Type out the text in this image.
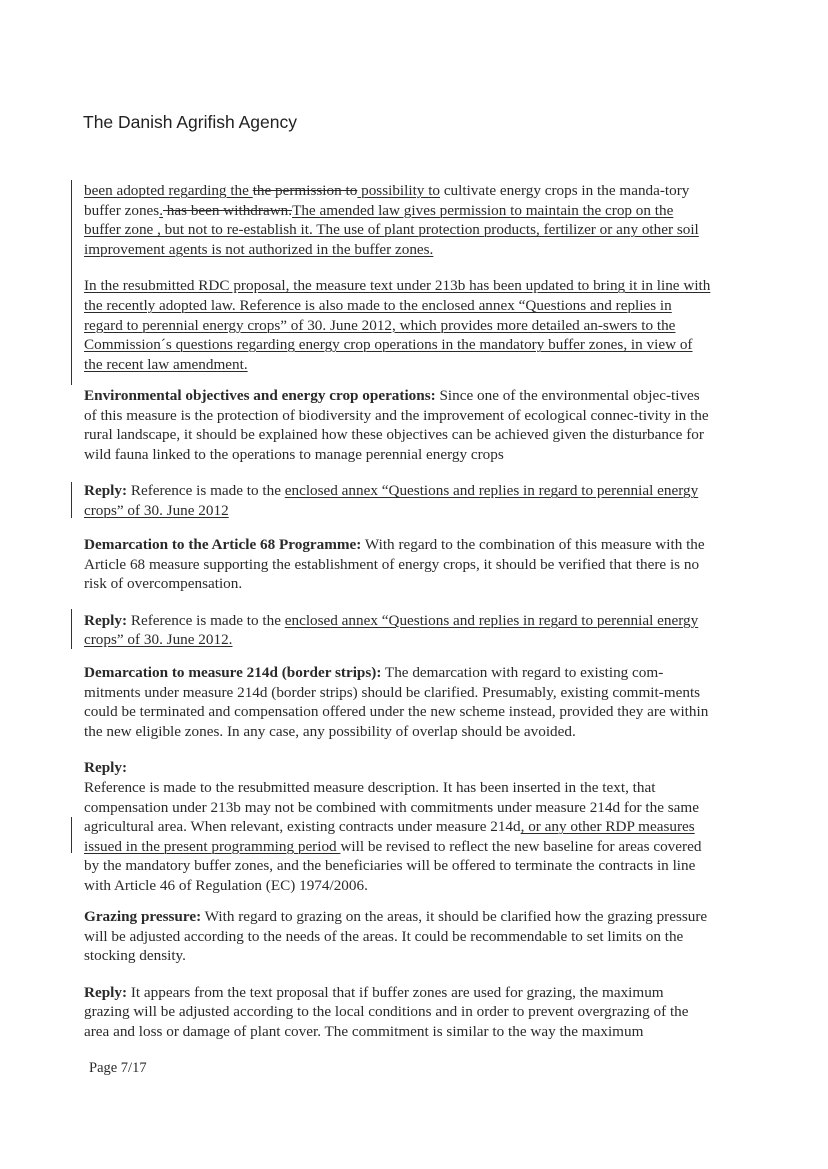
The Danish Agrifish Agency

been adopted regarding the the permission to possibility to cultivate energy crops in the manda-tory buffer zones. has been withdrawn.The amended law gives permission to maintain the crop on the buffer zone , but not to re-establish it. The use of plant protection products, fertilizer or any other soil improvement agents is not authorized in the buffer zones.

In the resubmitted RDC proposal, the measure text under 213b has been updated to bring it in line with the recently adopted law. Reference is also made to the enclosed annex “Questions and replies in regard to perennial energy crops” of 30. June 2012, which provides more detailed an-swers to the Commission´s questions regarding energy crop operations in the mandatory buffer zones, in view of the recent law amendment.

Environmental objectives and energy crop operations: Since one of the environmental objec-tives of this measure is the protection of biodiversity and the improvement of ecological connec-tivity in the rural landscape, it should be explained how these objectives can be achieved given the disturbance for wild fauna linked to the operations to manage perennial energy crops

Reply: Reference is made to the enclosed annex “Questions and replies in regard to perennial energy crops” of 30. June 2012

Demarcation to the Article 68 Programme: With regard to the combination of this measure with the Article 68 measure supporting the establishment of energy crops, it should be verified that there is no risk of overcompensation.

Reply: Reference is made to the enclosed annex “Questions and replies in regard to perennial energy crops” of 30. June 2012.

Demarcation to measure 214d (border strips): The demarcation with regard to existing com-mitments under measure 214d (border strips) should be clarified. Presumably, existing commit-ments could be terminated and compensation offered under the new scheme instead, provided they are within the new eligible zones. In any case, any possibility of overlap should be avoided.

Reply:

Reference is made to the resubmitted measure description. It has been inserted in the text, that compensation under 213b may not be combined with commitments under measure 214d for the same agricultural area. When relevant, existing contracts under measure 214d, or any other RDP measures issued in the present programming period will be revised to reflect the new baseline for areas covered by the mandatory buffer zones, and the beneficiaries will be offered to terminate the contracts in line with Article 46 of Regulation (EC) 1974/2006.

Grazing pressure: With regard to grazing on the areas, it should be clarified how the grazing pressure will be adjusted according to the needs of the areas. It could be recommendable to set limits on the stocking density.

Reply: It appears from the text proposal that if buffer zones are used for grazing, the maximum grazing will be adjusted according to the local conditions and in order to prevent overgrazing of the area and loss or damage of plant cover. The commitment is similar to the way the maximum

Page 7/17
